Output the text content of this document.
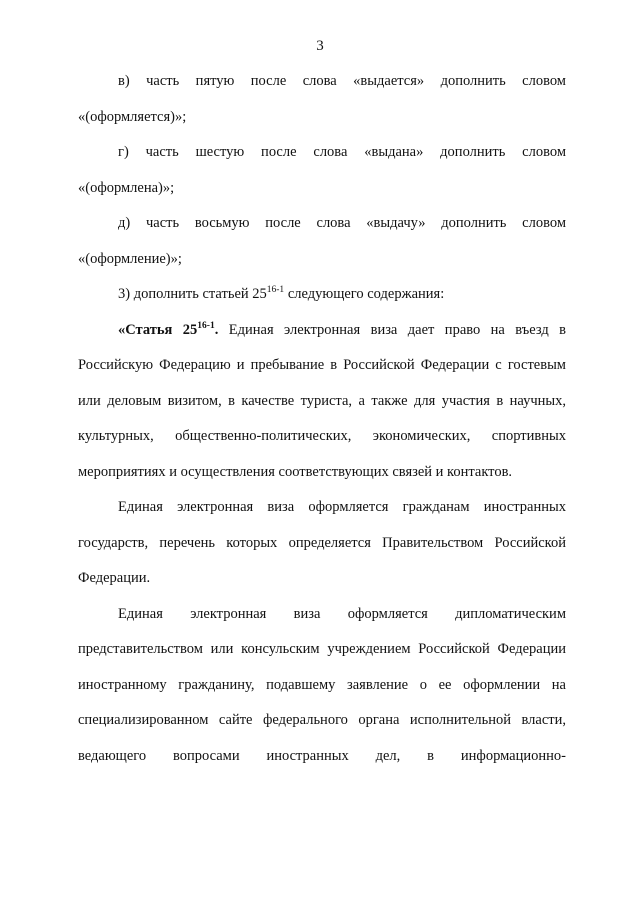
3

в) часть пятую после слова «выдается» дополнить словом

«(оформляется)»;

г) часть шестую после слова «выдана» дополнить словом

«(оформлена)»;

д) часть восьмую после слова «выдачу» дополнить словом

«(оформление)»;

3) дополнить статьей 25$^{16-1}$ следующего содержания:

«Статья 25$^{16-1}$. Единая электронная виза дает право на въезд в Российскую Федерацию и пребывание в Российской Федерации с гостевым или деловым визитом, в качестве туриста, а также для участия в научных, культурных, общественно-политических, экономических, спортивных мероприятиях и осуществления соответствующих связей и контактов.

Единая электронная виза оформляется гражданам иностранных государств, перечень которых определяется Правительством Российской Федерации.

Единая электронная виза оформляется дипломатическим представительством или консульским учреждением Российской Федерации иностранному гражданину, подавшему заявление о ее оформлении на специализированном сайте федерального органа исполнительной власти, ведающего вопросами иностранных дел, в информационно-
